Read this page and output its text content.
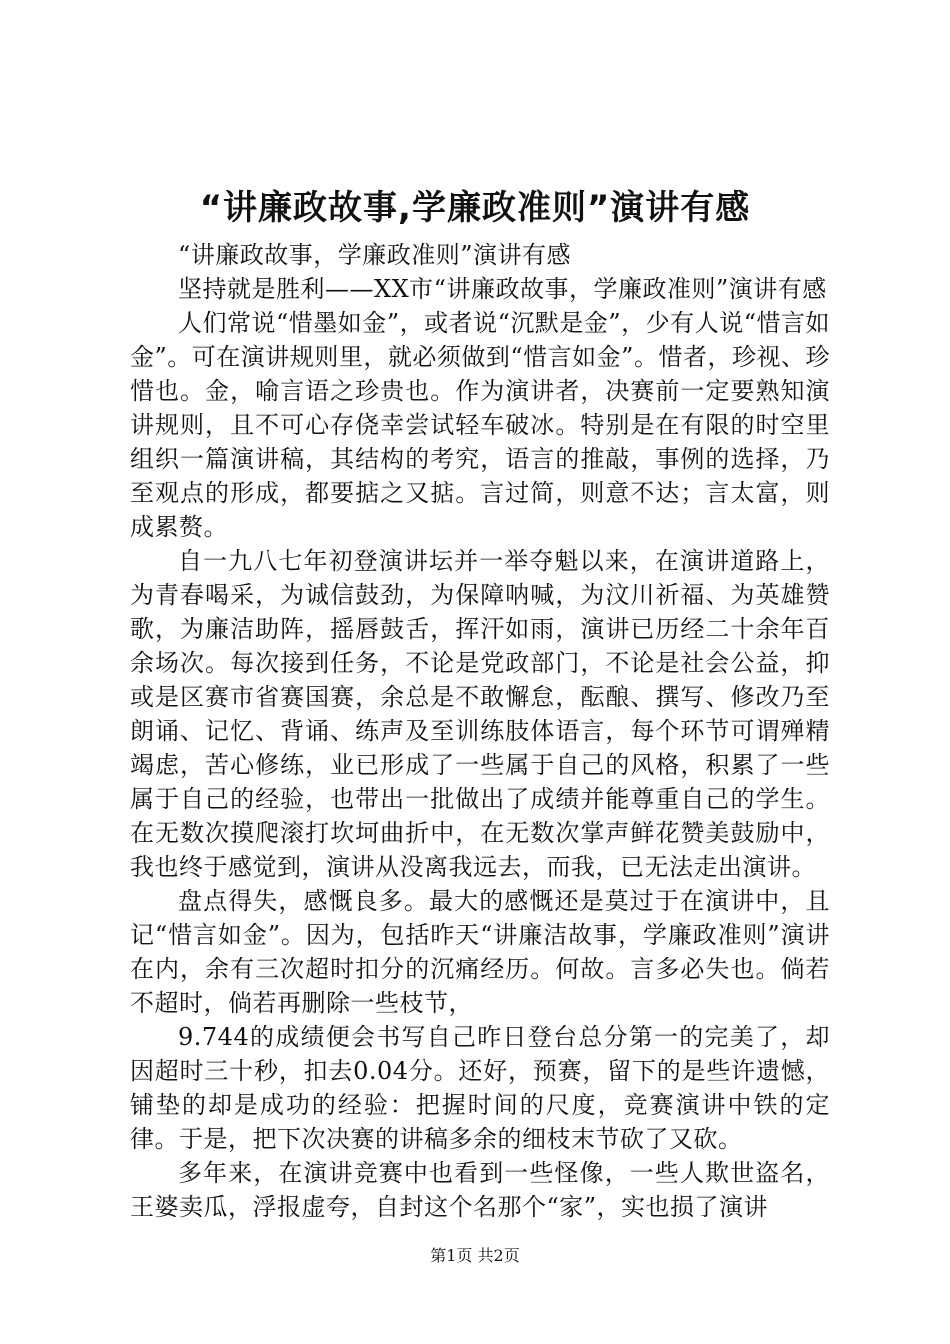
“讲廉政故事,学廉政准则”演讲有感

“讲廉政故事，学廉政准则”演讲有感

坚持就是胜利——XX市“讲廉政故事，学廉政准则”演讲有感

人们常说“惜墨如金”，或者说“沉默是金”，少有人说“惜言如金”。可在演讲规则里，就必须做到“惜言如金”。惜者，珍视、珍惜也。金，喻言语之珍贵也。作为演讲者，决赛前一定要熟知演讲规则，且不可心存侥幸尝试轻车破冰。特别是在有限的时空里组织一篇演讲稿，其结构的考究，语言的推敲，事例的选择，乃至观点的形成，都要掂之又掂。言过简，则意不达；言太富，则成累赘。

自一九八七年初登演讲坛并一举夺魁以来，在演讲道路上，为青春喝采，为诚信鼓劲，为保障呐喊，为汶川祈福、为英雄赞歌，为廉洁助阵，摇唇鼓舌，挥汗如雨，演讲已历经二十余年百余场次。每次接到任务，不论是党政部门，不论是社会公益，抑或是区赛市省赛国赛，余总是不敢懈怠，酝酿、撰写、修改乃至朗诵、记忆、背诵、练声及至训练肢体语言，每个环节可谓殚精竭虑，苦心修练，业已形成了一些属于自己的风格，积累了一些属于自己的经验，也带出一批做出了成绩并能尊重自己的学生。在无数次摸爬滚打坎坷曲折中，在无数次掌声鲜花赞美鼓励中，我也终于感觉到，演讲从没离我远去，而我，已无法走出演讲。

盘点得失，感慨良多。最大的感慨还是莫过于在演讲中，且记“惜言如金”。因为，包括昨天“讲廉洁故事，学廉政准则”演讲在内，余有三次超时扣分的沉痛经历。何故。言多必失也。倘若不超时，倘若再删除一些枝节，

9.744的成绩便会书写自己昨日登台总分第一的完美了，却因超时三十秒，扣去0.04分。还好，预赛，留下的是些许遗憾，铺垫的却是成功的经验：把握时间的尺度，竞赛演讲中铁的定律。于是，把下次决赛的讲稿多余的细枝末节砍了又砍。

多年来，在演讲竞赛中也看到一些怪像，一些人欺世盗名，王婆卖瓜，浮报虚夸，自封这个名那个“家”，实也损了演讲

第1页 共2页
